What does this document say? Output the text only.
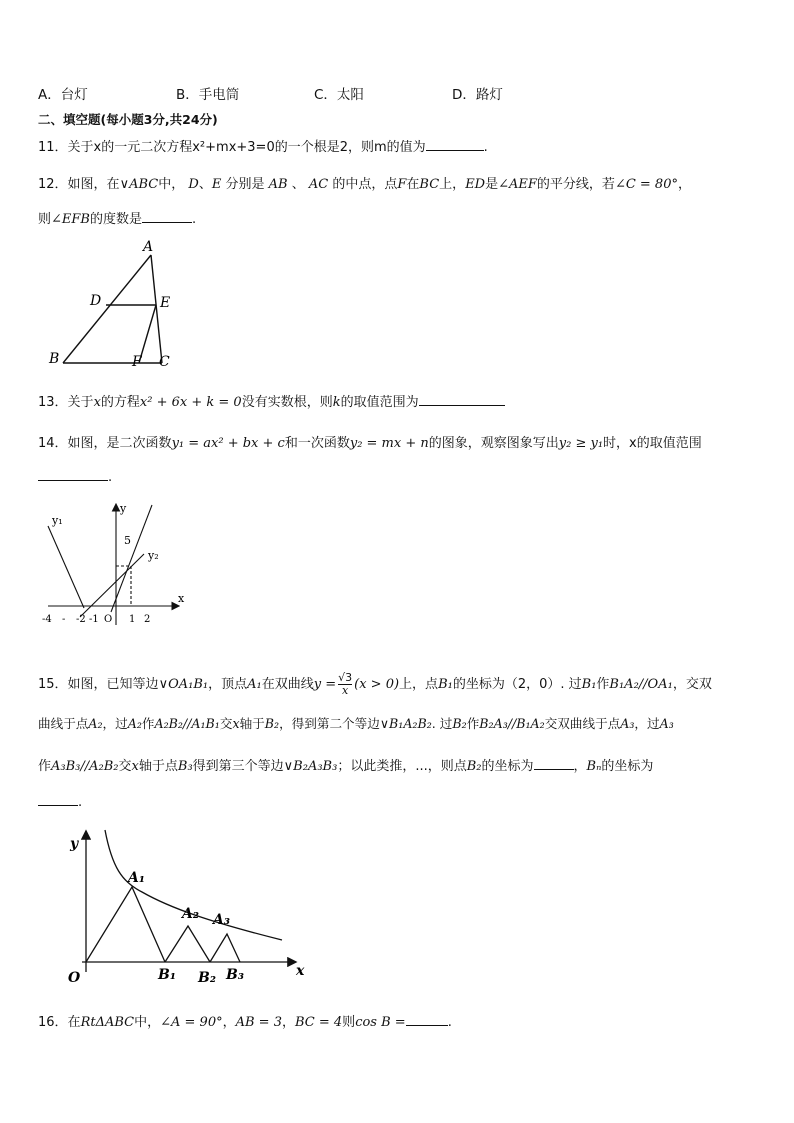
A．台灯	B．手电筒	C．太阳	D．路灯
二、填空题(每小题3分,共24分)
11．关于x的一元二次方程x²+mx+3=0的一个根是2，则m的值为	.
12．如图，在∨ABC中， D、E 分别是 AB 、 AC 的中点，点F在BC上，ED是∠AEF的平分线，若∠C = 80°，
则∠EFB的度数是	.
A
B	C
D	E
F
13．关于x的方程x² + 6x + k = 0没有实数根，则k的取值范围为
14．如图，是二次函数y₁ = ax² + bx + c和一次函数y₂ = mx + n的图象，观察图象写出y₂ ≥ y₁时，x的取值范围
.
y₁
y₂
y
x
5
-4 - -2 -1 O 1 2
15．如图，已知等边∨OA₁B₁，顶点A₁在双曲线$y = \frac{√3}{x} (x > 0)$上，点B₁的坐标为（2，0）. 过B₁作B₁A₂//OA₁，交双
曲线于点A₂，过A₂作A₂B₂//A₁B₁交x轴于B₂，得到第二个等边∨B₁A₂B₂. 过B₂作B₂A₃//B₁A₂交双曲线于点A₃，过A₃
作A₃B₃//A₂B₂交x轴于点B₃得到第三个等边∨B₂A₃B₃；以此类推，...，则点B₂的坐标为	，Bₙ的坐标为
.
y
x
O
A₁
A₂ A₃
B₁ B₂ B₃
16．在RtΔABC中，∠A = 90°，AB = 3，BC = 4则cos B =	.
